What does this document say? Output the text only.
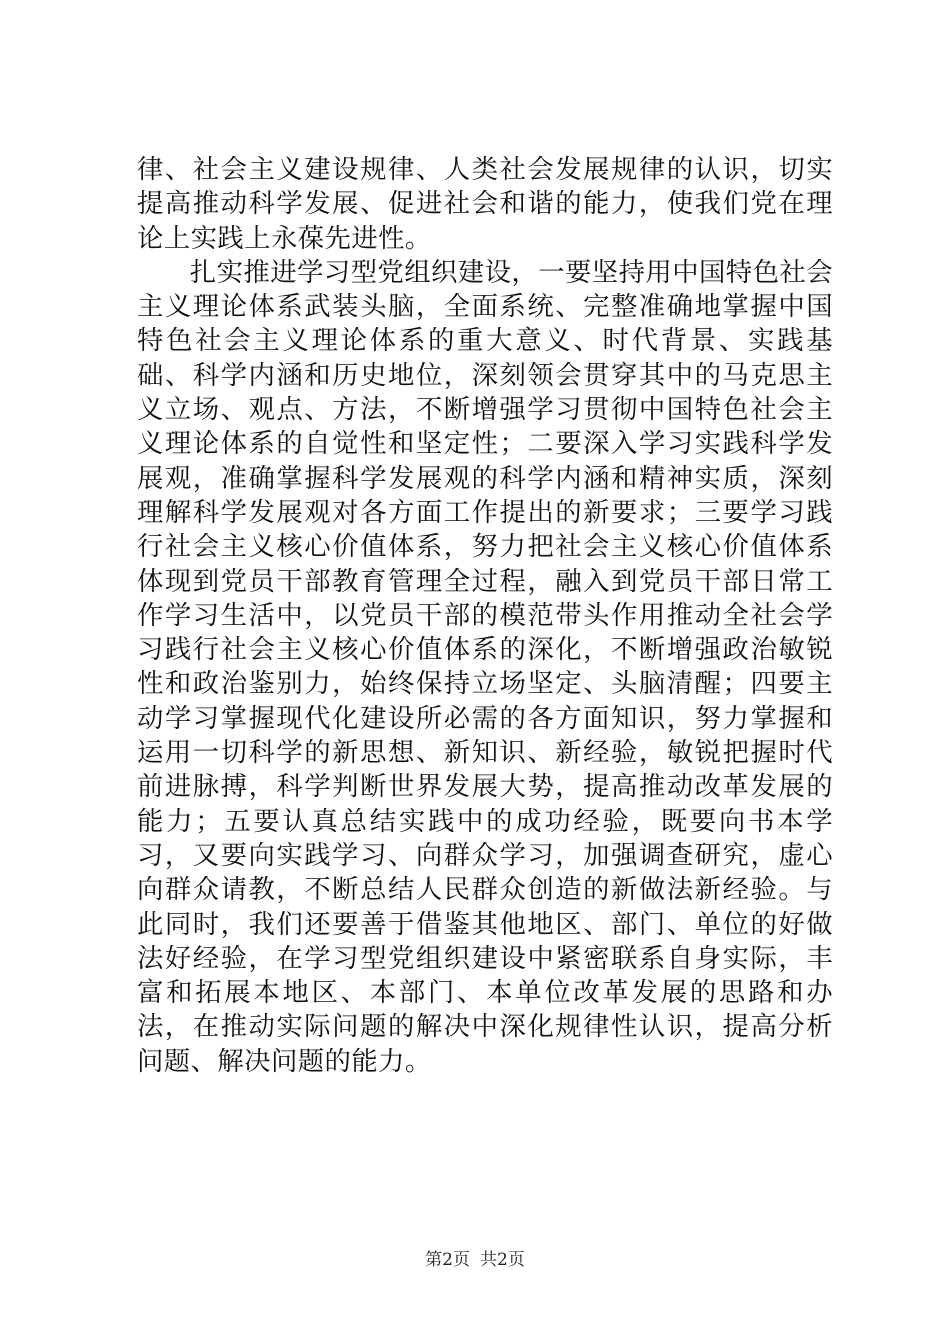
律、社会主义建设规律、人类社会发展规律的认识，切实提高推动科学发展、促进社会和谐的能力，使我们党在理论上实践上永葆先进性。

扎实推进学习型党组织建设，一要坚持用中国特色社会主义理论体系武装头脑，全面系统、完整准确地掌握中国特色社会主义理论体系的重大意义、时代背景、实践基础、科学内涵和历史地位，深刻领会贯穿其中的马克思主义立场、观点、方法，不断增强学习贯彻中国特色社会主义理论体系的自觉性和坚定性；二要深入学习实践科学发展观，准确掌握科学发展观的科学内涵和精神实质，深刻理解科学发展观对各方面工作提出的新要求；三要学习践行社会主义核心价值体系，努力把社会主义核心价值体系体现到党员干部教育管理全过程，融入到党员干部日常工作学习生活中，以党员干部的模范带头作用推动全社会学习践行社会主义核心价值体系的深化，不断增强政治敏锐性和政治鉴别力，始终保持立场坚定、头脑清醒；四要主动学习掌握现代化建设所必需的各方面知识，努力掌握和运用一切科学的新思想、新知识、新经验，敏锐把握时代前进脉搏，科学判断世界发展大势，提高推动改革发展的能力；五要认真总结实践中的成功经验，既要向书本学习，又要向实践学习、向群众学习，加强调查研究，虚心向群众请教，不断总结人民群众创造的新做法新经验。与此同时，我们还要善于借鉴其他地区、部门、单位的好做法好经验，在学习型党组织建设中紧密联系自身实际，丰富和拓展本地区、本部门、本单位改革发展的思路和办法，在推动实际问题的解决中深化规律性认识，提高分析问题、解决问题的能力。

第2页 共2页
